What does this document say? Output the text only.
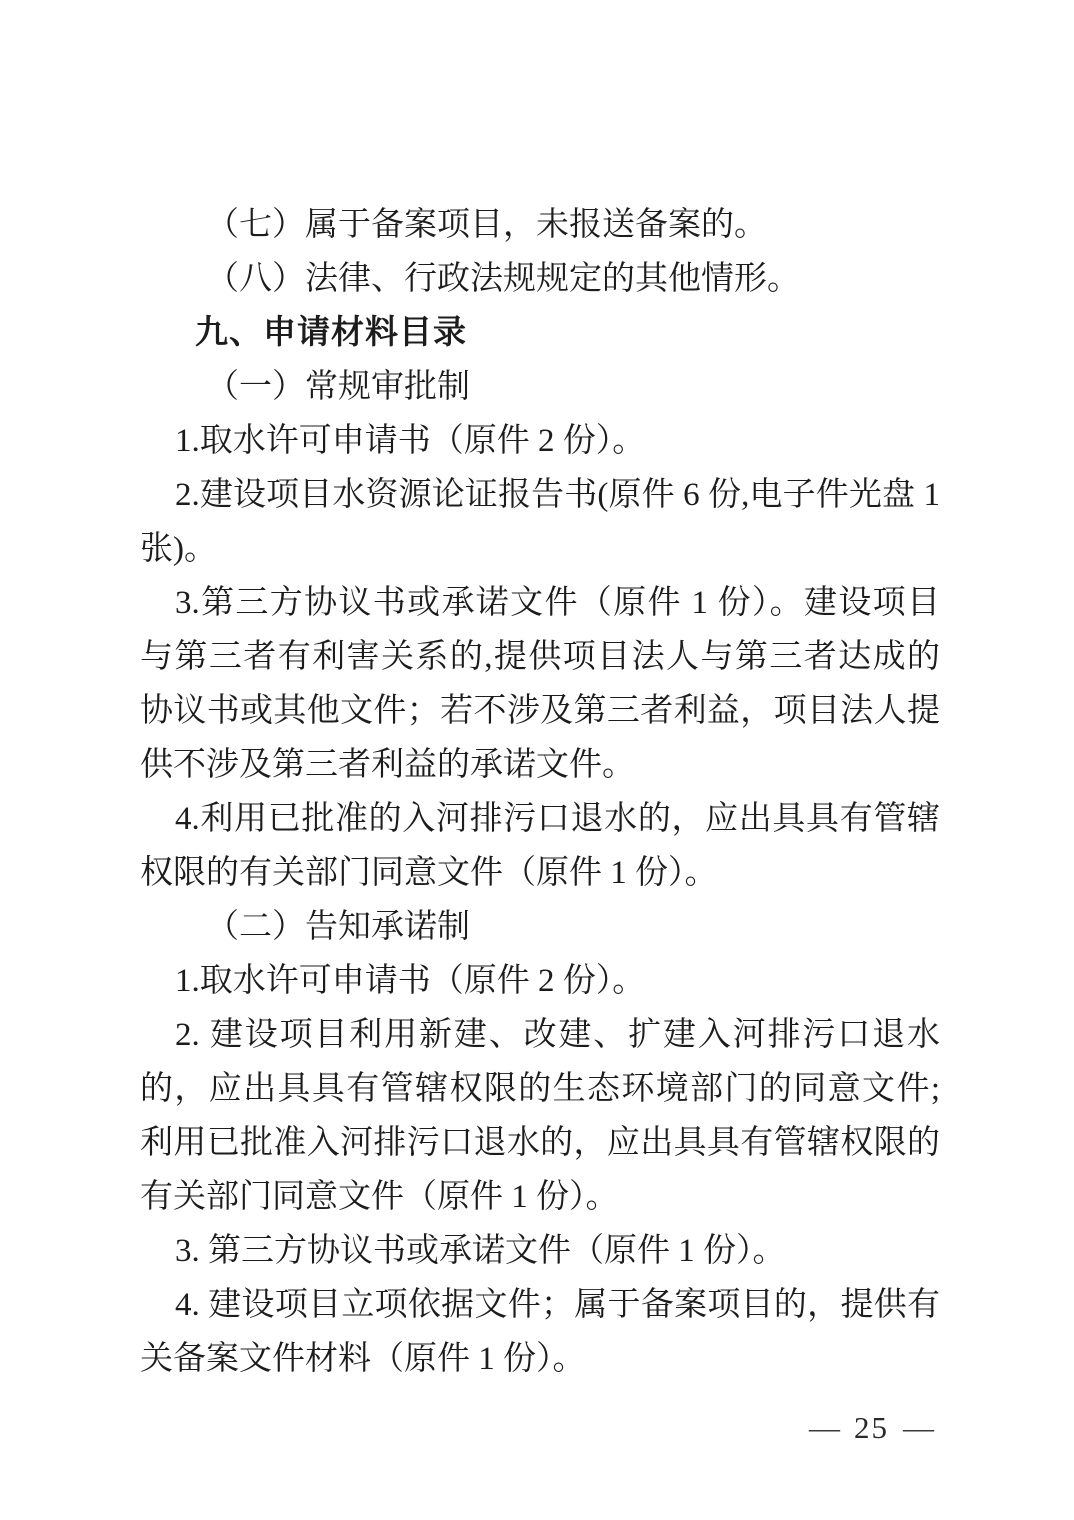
（七）属于备案项目，未报送备案的。

（八）法律、行政法规规定的其他情形。

九、申请材料目录

（一）常规审批制

1.取水许可申请书（原件 2 份）。

2.建设项目水资源论证报告书(原件 6 份,电子件光盘 1 张)。

3.第三方协议书或承诺文件（原件 1 份）。建设项目与第三者有利害关系的,提供项目法人与第三者达成的协议书或其他文件；若不涉及第三者利益，项目法人提供不涉及第三者利益的承诺文件。

4.利用已批准的入河排污口退水的，应出具具有管辖权限的有关部门同意文件（原件 1 份）。

（二）告知承诺制

1.取水许可申请书（原件 2 份）。

2. 建设项目利用新建、改建、扩建入河排污口退水的，应出具具有管辖权限的生态环境部门的同意文件;利用已批准入河排污口退水的，应出具具有管辖权限的有关部门同意文件（原件 1 份）。

3. 第三方协议书或承诺文件（原件 1 份）。

4. 建设项目立项依据文件；属于备案项目的，提供有关备案文件材料（原件 1 份）。

— 25 —
